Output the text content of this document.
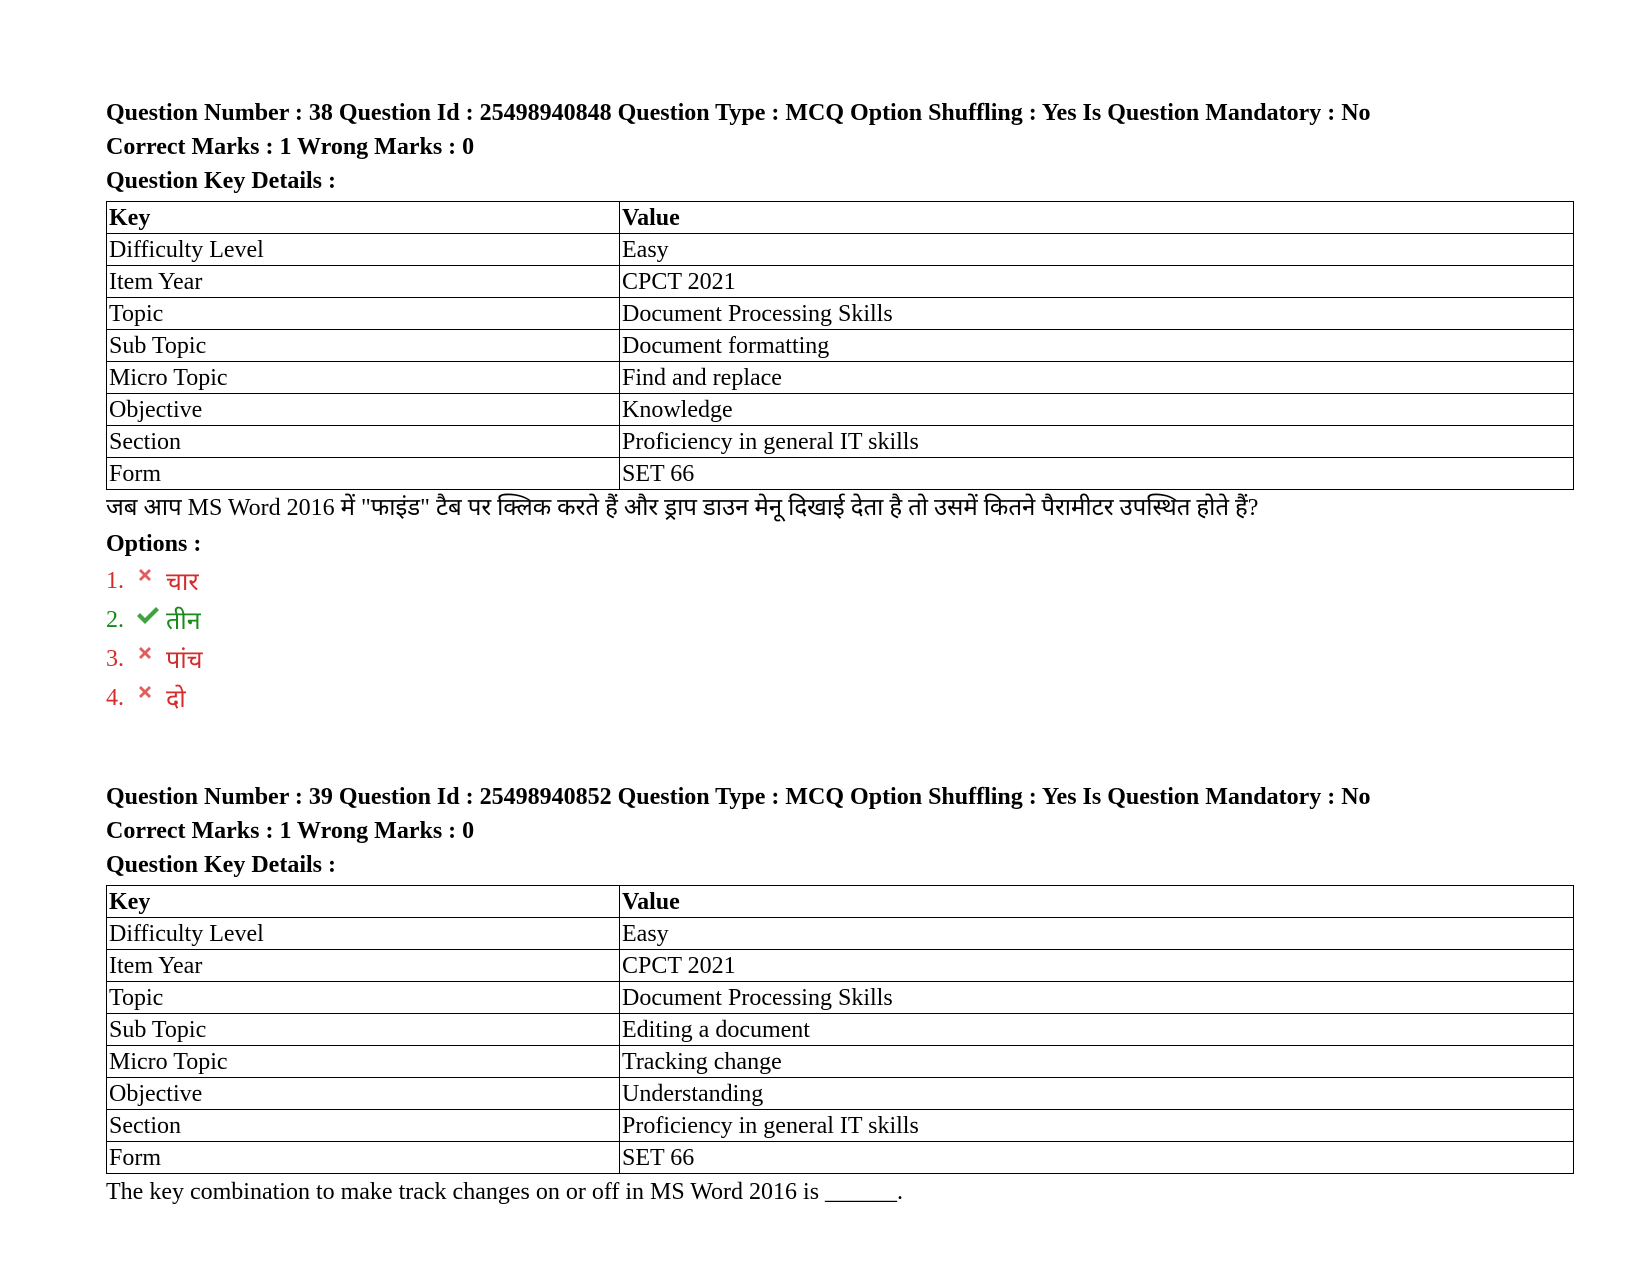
Question Number : 38 Question Id : 25498940848 Question Type : MCQ Option Shuffling : Yes Is Question Mandatory : No
Correct Marks : 1 Wrong Marks : 0
Question Key Details :
Key	Value
Difficulty Level	Easy
Item Year	CPCT 2021
Topic	Document Processing Skills
Sub Topic	Document formatting
Micro Topic	Find and replace
Objective	Knowledge
Section	Proficiency in general IT skills
Form	SET 66
जब आप MS Word 2016 में "फाइंड" टैब पर क्लिक करते हैं और ड्राप डाउन मेनू दिखाई देता है तो उसमें कितने पैरामीटर उपस्थित होते हैं?
Options :
1.	चार
2.	तीन
3.	पांच
4.	दो
Question Number : 39 Question Id : 25498940852 Question Type : MCQ Option Shuffling : Yes Is Question Mandatory : No
Correct Marks : 1 Wrong Marks : 0
Question Key Details :
Key	Value
Difficulty Level	Easy
Item Year	CPCT 2021
Topic	Document Processing Skills
Sub Topic	Editing a document
Micro Topic	Tracking change
Objective	Understanding
Section	Proficiency in general IT skills
Form	SET 66
The key combination to make track changes on or off in MS Word 2016 is ______.
